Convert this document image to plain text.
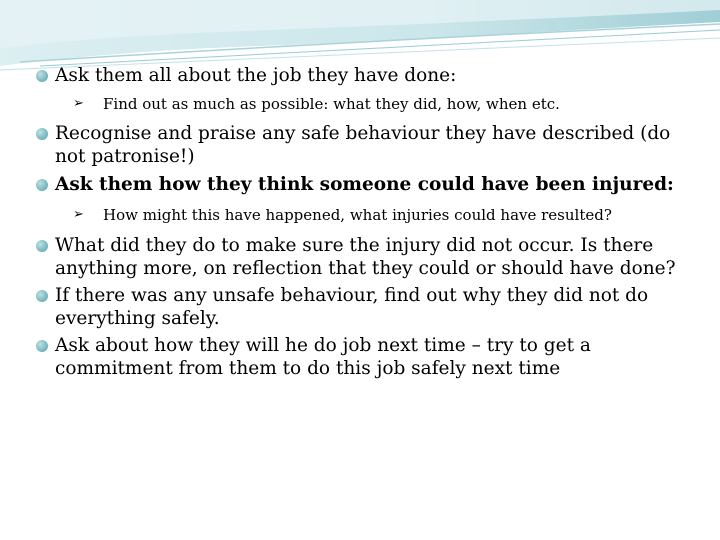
Ask them all about the job they have done:
➢ Find out as much as possible: what they did, how, when etc.
Recognise and praise any safe behaviour they have described (do not patronise!)
Ask them how they think someone could have been injured:
➢ How might this have happened, what injuries could have resulted?
What did they do to make sure the injury did not occur. Is there anything more, on reflection that they could or should have done?
If there was any unsafe behaviour, find out why they did not do everything safely.
Ask about how they will he do job next time – try to get a commitment from them to do this job safely next time
